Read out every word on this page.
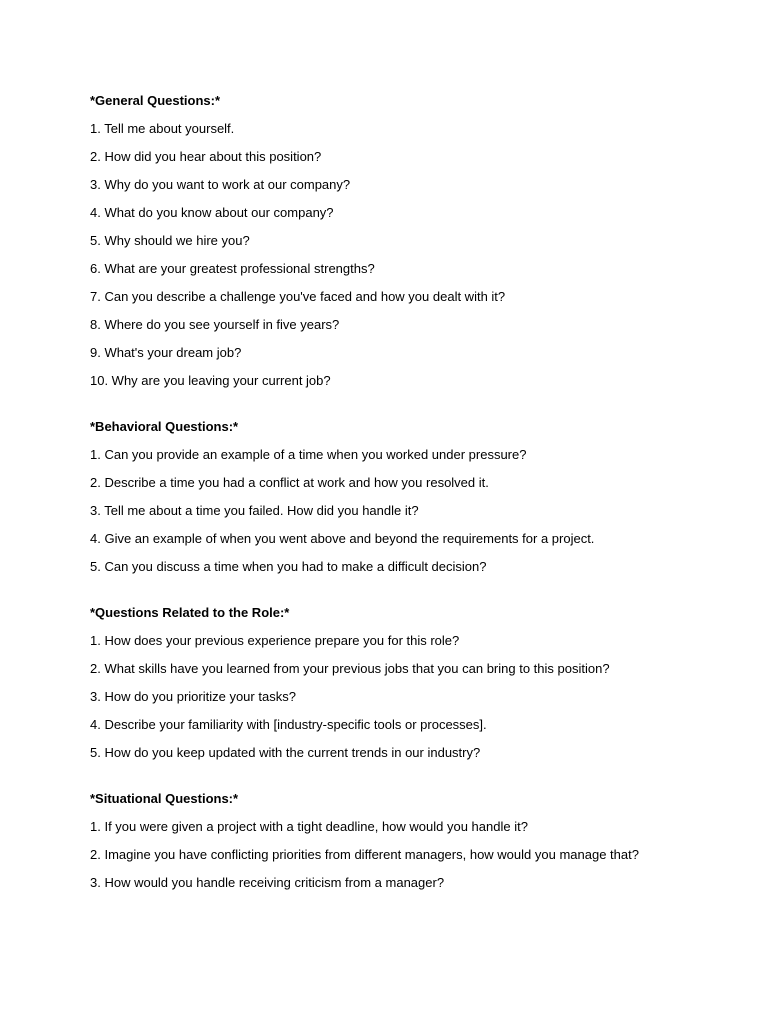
*General Questions:*
1. Tell me about yourself.
2. How did you hear about this position?
3. Why do you want to work at our company?
4. What do you know about our company?
5. Why should we hire you?
6. What are your greatest professional strengths?
7. Can you describe a challenge you've faced and how you dealt with it?
8. Where do you see yourself in five years?
9. What's your dream job?
10. Why are you leaving your current job?
*Behavioral Questions:*
1. Can you provide an example of a time when you worked under pressure?
2. Describe a time you had a conflict at work and how you resolved it.
3. Tell me about a time you failed. How did you handle it?
4. Give an example of when you went above and beyond the requirements for a project.
5. Can you discuss a time when you had to make a difficult decision?
*Questions Related to the Role:*
1. How does your previous experience prepare you for this role?
2. What skills have you learned from your previous jobs that you can bring to this position?
3. How do you prioritize your tasks?
4. Describe your familiarity with [industry-specific tools or processes].
5. How do you keep updated with the current trends in our industry?
*Situational Questions:*
1. If you were given a project with a tight deadline, how would you handle it?
2. Imagine you have conflicting priorities from different managers, how would you manage that?
3. How would you handle receiving criticism from a manager?
